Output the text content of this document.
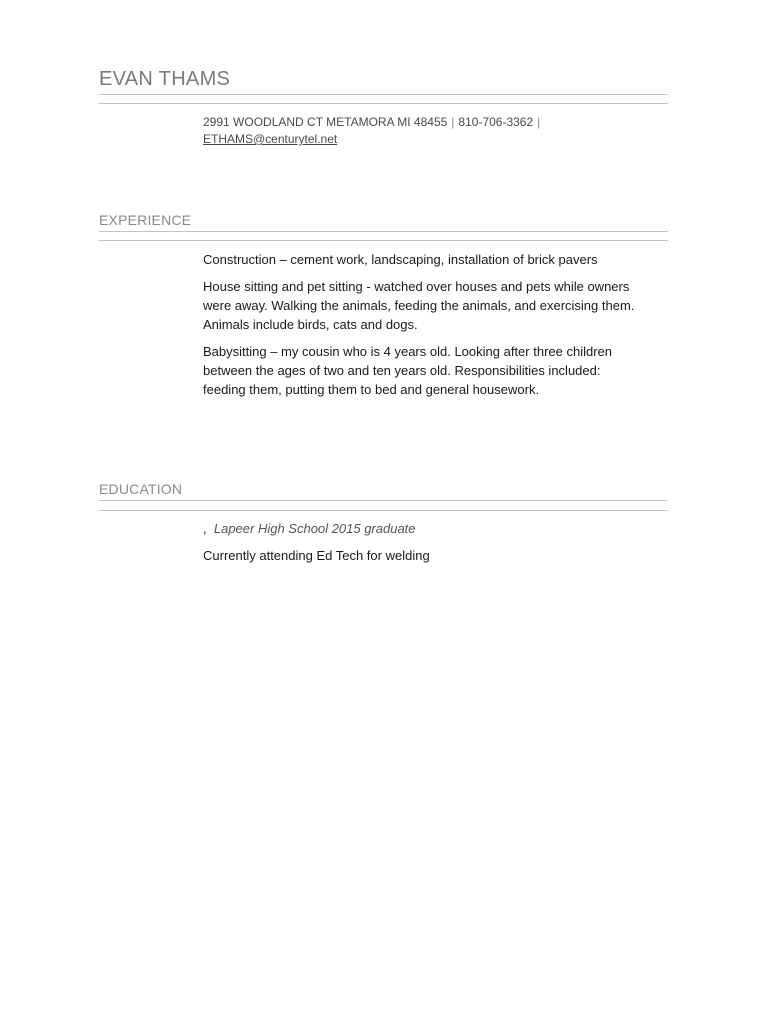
EVAN THAMS
2991 WOODLAND CT METAMORA MI 48455 | 810-706-3362 |
ETHAMS@centurytel.net
EXPERIENCE

Construction – cement work, landscaping, installation of brick pavers

House sitting and pet sitting - watched over houses and pets while owners were away. Walking the animals, feeding the animals, and exercising them. Animals include birds, cats and dogs.

Babysitting – my cousin who is 4 years old. Looking after three children between the ages of two and ten years old. Responsibilities included: feeding them, putting them to bed and general housework.

EDUCATION

, Lapeer High School 2015 graduate

Currently attending Ed Tech for welding
